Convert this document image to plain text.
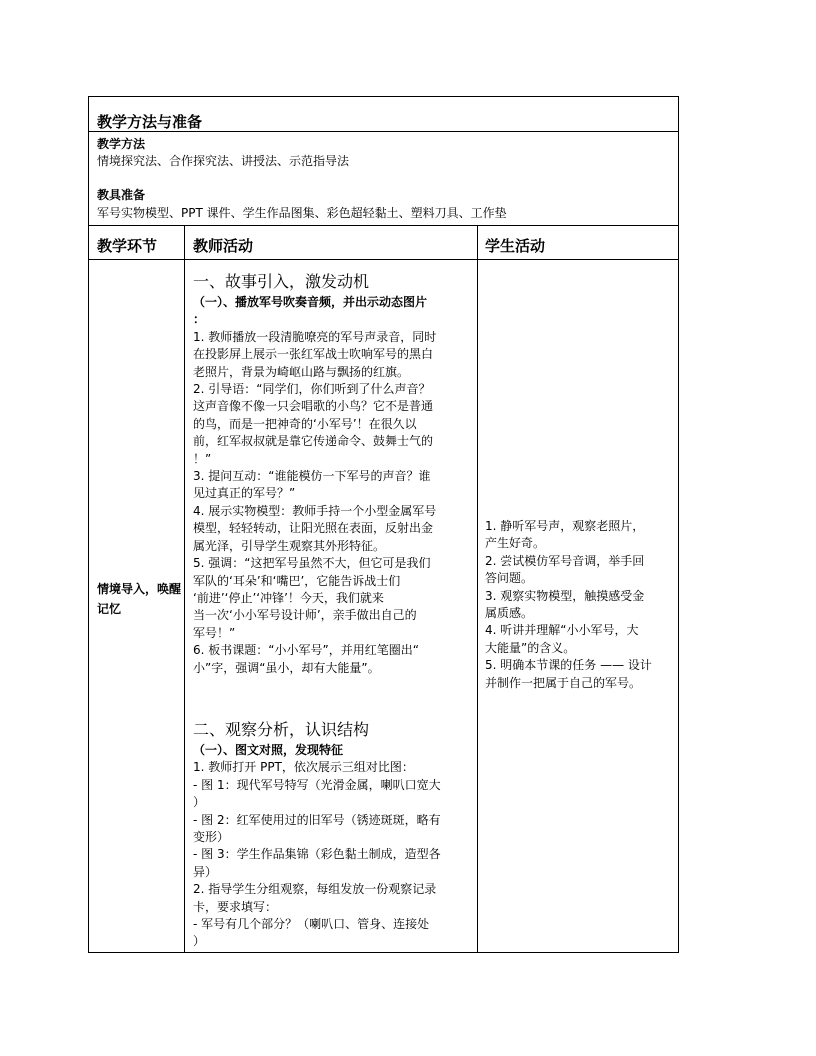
教学方法与准备
教学方法
情境探究法、合作探究法、讲授法、示范指导法
教具准备
军号实物模型、PPT 课件、学生作品图集、彩色超轻黏土、塑料刀具、工作垫
教学环节 教师活动	学生活动
情境导入，唤醒记忆

一、故事引入，激发动机

（一）、播放军号吹奏音频，并出示动态图片

：

1. 教师播放一段清脆嘹亮的军号声录音，同时

在投影屏上展示一张红军战士吹响军号的黑白

老照片，背景为崎岖山路与飘扬的红旗。

2. 引导语：“同学们，你们听到了什么声音？

这声音像不像一只会唱歌的小鸟？它不是普通

的鸟，而是一把神奇的‘小军号’！在很久以

前，红军叔叔就是靠它传递命令、鼓舞士气的

！”

3. 提问互动：“谁能模仿一下军号的声音？谁

见过真正的军号？”

4. 展示实物模型：教师手持一个小型金属军号

模型，轻轻转动，让阳光照在表面，反射出金

属光泽，引导学生观察其外形特征。

5. 强调：“这把军号虽然不大，但它可是我们

军队的‘耳朵’和‘嘴巴’，它能告诉战士们

‘前进’‘停止’‘冲锋’！今天，我们就来

当一次‘小小军号设计师’，亲手做出自己的

军号！”

6. 板书课题：“小小军号”，并用红笔圈出“

小”字，强调“虽小，却有大能量”。

二、观察分析，认识结构

（一）、图文对照，发现特征

1. 教师打开 PPT，依次展示三组对比图：

- 图 1：现代军号特写（光滑金属，喇叭口宽大

）

- 图 2：红军使用过的旧军号（锈迹斑斑，略有

变形）

- 图 3：学生作品集锦（彩色黏土制成，造型各

异）

2. 指导学生分组观察，每组发放一份观察记录

卡，要求填写：

- 军号有几个部分？（喇叭口、管身、连接处

）

1. 静听军号声，观察老照片，

产生好奇。

2. 尝试模仿军号音调，举手回

答问题。

3. 观察实物模型，触摸感受金

属质感。

4. 听讲并理解“小小军号，大

大能量”的含义。

5. 明确本节课的任务 —— 设计

并制作一把属于自己的军号。
